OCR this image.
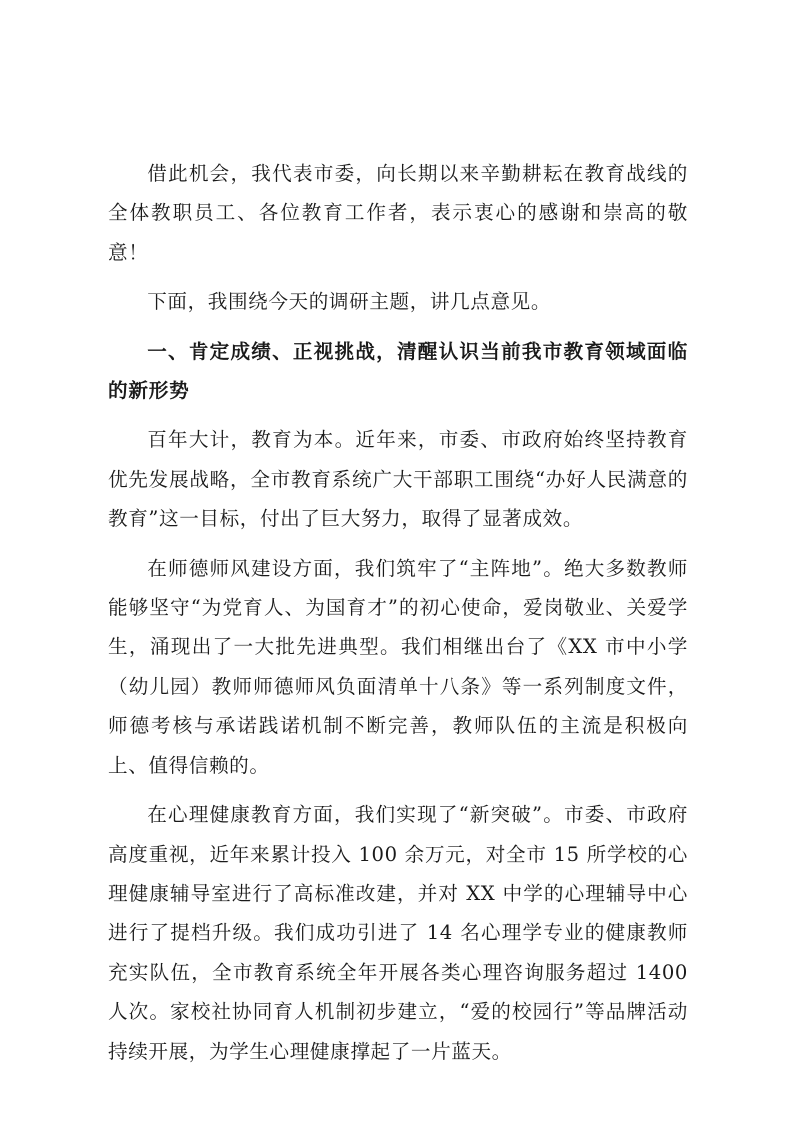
借此机会，我代表市委，向长期以来辛勤耕耘在教育战线的全体教职员工、各位教育工作者，表示衷心的感谢和崇高的敬意！

下面，我围绕今天的调研主题，讲几点意见。

一、肯定成绩、正视挑战，清醒认识当前我市教育领域面临的新形势

百年大计，教育为本。近年来，市委、市政府始终坚持教育优先发展战略，全市教育系统广大干部职工围绕“办好人民满意的教育”这一目标，付出了巨大努力，取得了显著成效。

在师德师风建设方面，我们筑牢了“主阵地”。绝大多数教师能够坚守“为党育人、为国育才”的初心使命，爱岗敬业、关爱学生，涌现出了一大批先进典型。我们相继出台了《XX 市中小学（幼儿园）教师师德师风负面清单十八条》等一系列制度文件，师德考核与承诺践诺机制不断完善，教师队伍的主流是积极向上、值得信赖的。

在心理健康教育方面，我们实现了“新突破”。市委、市政府高度重视，近年来累计投入 100 余万元，对全市 15 所学校的心理健康辅导室进行了高标准改建，并对 XX 中学的心理辅导中心进行了提档升级。我们成功引进了 14 名心理学专业的健康教师充实队伍，全市教育系统全年开展各类心理咨询服务超过 1400 人次。家校社协同育人机制初步建立，“爱的校园行”等品牌活动持续开展，为学生心理健康撑起了一片蓝天。
